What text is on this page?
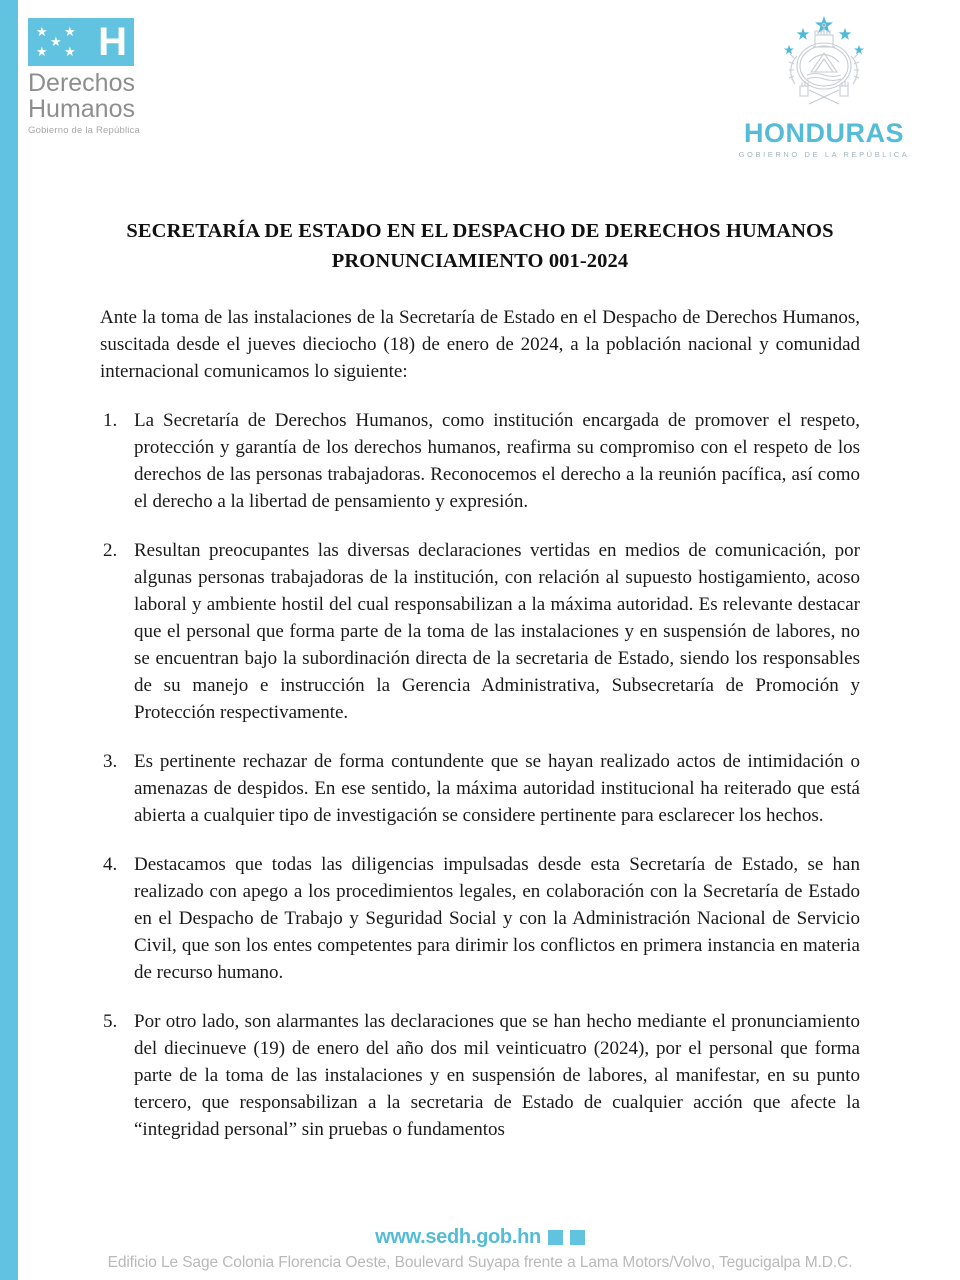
★ ★
★
★ ★ H
Derechos
Humanos
Gobierno de la República	HONDURAS
GOBIERNO DE LA REPÚBLICA
SECRETARÍA DE ESTADO EN EL DESPACHO DE DERECHOS HUMANOS
PRONUNCIAMIENTO 001-2024

Ante la toma de las instalaciones de la Secretaría de Estado en el Despacho de Derechos Humanos, suscitada desde el jueves dieciocho (18) de enero de 2024, a la población nacional y comunidad internacional comunicamos lo siguiente:

La Secretaría de Derechos Humanos, como institución encargada de promover el respeto, protección y garantía de los derechos humanos, reafirma su compromiso con el respeto de los derechos de las personas trabajadoras. Reconocemos el derecho a la reunión pacífica, así como el derecho a la libertad de pensamiento y expresión.
Resultan preocupantes las diversas declaraciones vertidas en medios de comunicación, por algunas personas trabajadoras de la institución, con relación al supuesto hostigamiento, acoso laboral y ambiente hostil del cual responsabilizan a la máxima autoridad. Es relevante destacar que el personal que forma parte de la toma de las instalaciones y en suspensión de labores, no se encuentran bajo la subordinación directa de la secretaria de Estado, siendo los responsables de su manejo e instrucción la Gerencia Administrativa, Subsecretaría de Promoción y Protección respectivamente.
Es pertinente rechazar de forma contundente que se hayan realizado actos de intimidación o amenazas de despidos. En ese sentido, la máxima autoridad institucional ha reiterado que está abierta a cualquier tipo de investigación se considere pertinente para esclarecer los hechos.
Destacamos que todas las diligencias impulsadas desde esta Secretaría de Estado, se han realizado con apego a los procedimientos legales, en colaboración con la Secretaría de Estado en el Despacho de Trabajo y Seguridad Social y con la Administración Nacional de Servicio Civil, que son los entes competentes para dirimir los conflictos en primera instancia en materia de recurso humano.
Por otro lado, son alarmantes las declaraciones que se han hecho mediante el pronunciamiento del diecinueve (19) de enero del año dos mil veinticuatro (2024), por el personal que forma parte de la toma de las instalaciones y en suspensión de labores, al manifestar, en su punto tercero, que responsabilizan a la secretaria de Estado de cualquier acción que afecte la “integridad personal” sin pruebas o fundamentos
www.sedh.gob.hn
Edificio Le Sage Colonia Florencia Oeste, Boulevard Suyapa frente a Lama Motors/Volvo, Tegucigalpa M.D.C.
